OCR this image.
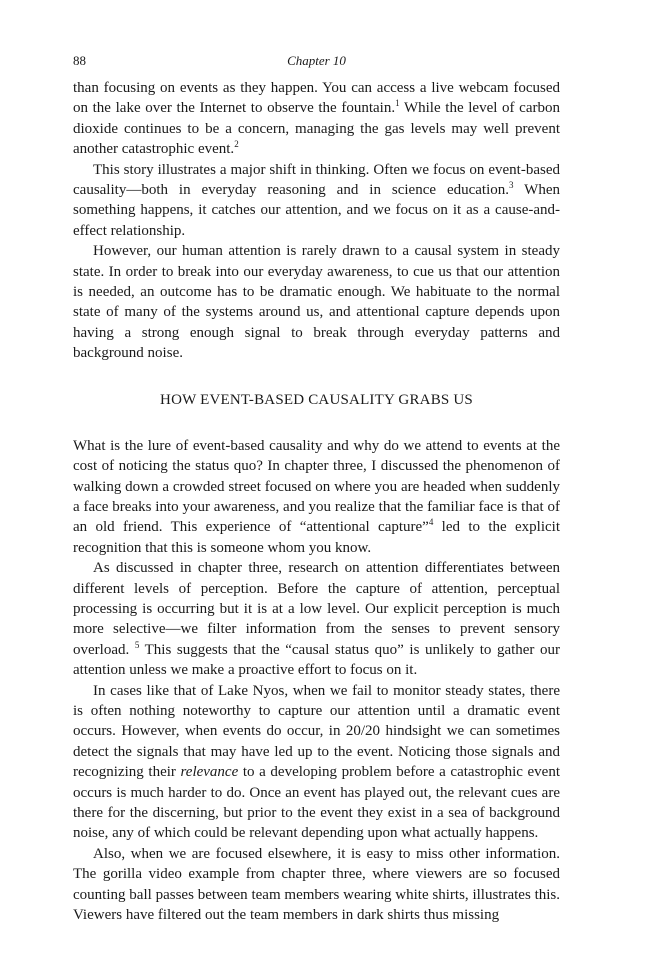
88	Chapter 10

than focusing on events as they happen. You can access a live webcam focused on the lake over the Internet to observe the fountain.$^1$ While the level of carbon dioxide continues to be a concern, managing the gas levels may well prevent another catastrophic event.$^2$

This story illustrates a major shift in thinking. Often we focus on event-based causality—both in everyday reasoning and in science education.$^3$ When something happens, it catches our attention, and we focus on it as a cause-and-effect relationship.

However, our human attention is rarely drawn to a causal system in steady state. In order to break into our everyday awareness, to cue us that our attention is needed, an outcome has to be dramatic enough. We habituate to the normal state of many of the systems around us, and attentional capture depends upon having a strong enough signal to break through everyday patterns and background noise.

HOW EVENT-BASED CAUSALITY GRABS US

What is the lure of event-based causality and why do we attend to events at the cost of noticing the status quo? In chapter three, I discussed the phenomenon of walking down a crowded street focused on where you are headed when suddenly a face breaks into your awareness, and you realize that the familiar face is that of an old friend. This experience of “attentional capture”$^4$ led to the explicit recognition that this is someone whom you know.

As discussed in chapter three, research on attention differentiates between different levels of perception. Before the capture of attention, perceptual processing is occurring but it is at a low level. Our explicit perception is much more selective—we filter information from the senses to prevent sensory overload. $^5$ This suggests that the “causal status quo” is unlikely to gather our attention unless we make a proactive effort to focus on it.

In cases like that of Lake Nyos, when we fail to monitor steady states, there is often nothing noteworthy to capture our attention until a dramatic event occurs. However, when events do occur, in 20/20 hindsight we can sometimes detect the signals that may have led up to the event. Noticing those signals and recognizing their relevance to a developing problem before a catastrophic event occurs is much harder to do. Once an event has played out, the relevant cues are there for the discerning, but prior to the event they exist in a sea of background noise, any of which could be relevant depending upon what actually happens.

Also, when we are focused elsewhere, it is easy to miss other information. The gorilla video example from chapter three, where viewers are so focused counting ball passes between team members wearing white shirts, illustrates this. Viewers have filtered out the team members in dark shirts thus missing
